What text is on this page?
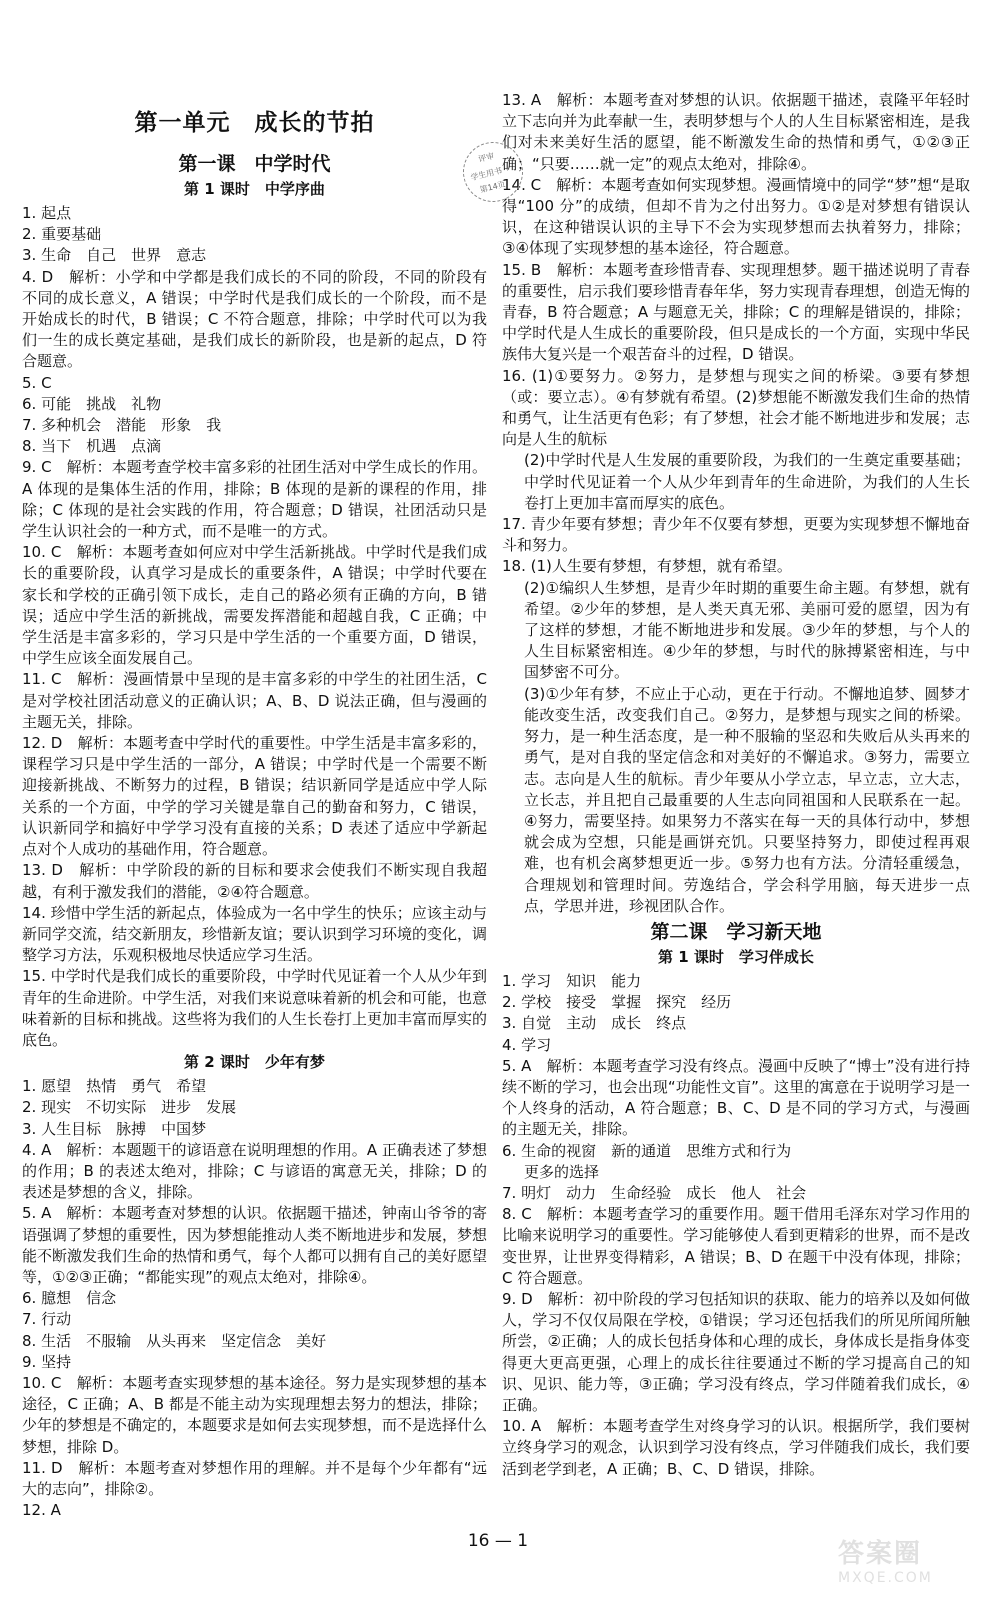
第一单元　成长的节拍
第一课　中学时代
第 1 课时　中学序曲
1. 起点
2. 重要基础
3. 生命　自己　世界　意志
4. D　解析：小学和中学都是我们成长的不同的阶段，不同的阶段有不同的成长意义，A 错误；中学时代是我们成长的一个阶段，而不是开始成长的时代，B 错误；C 不符合题意，排除；中学时代可以为我们一生的成长奠定基础，是我们成长的新阶段，也是新的起点，D 符合题意。
5. C
6. 可能　挑战　礼物
7. 多种机会　潜能　形象　我
8. 当下　机遇　点滴
9. C　解析：本题考查学校丰富多彩的社团生活对中学生成长的作用。A 体现的是集体生活的作用，排除；B 体现的是新的课程的作用，排除；C 体现的是社会实践的作用，符合题意；D 错误，社团活动只是学生认识社会的一种方式，而不是唯一的方式。
10. C　解析：本题考查如何应对中学生活新挑战。中学时代是我们成长的重要阶段，认真学习是成长的重要条件，A 错误；中学时代要在家长和学校的正确引领下成长，走自己的路必须有正确的方向，B 错误；适应中学生活的新挑战，需要发挥潜能和超越自我，C 正确；中学生活是丰富多彩的，学习只是中学生活的一个重要方面，D 错误，中学生应该全面发展自己。
11. C　解析：漫画情景中呈现的是丰富多彩的中学生的社团生活，C 是对学校社团活动意义的正确认识；A、B、D 说法正确，但与漫画的主题无关，排除。
12. D　解析：本题考查中学时代的重要性。中学生活是丰富多彩的，课程学习只是中学生活的一部分，A 错误；中学时代是一个需要不断迎接新挑战、不断努力的过程，B 错误；结识新同学是适应中学人际关系的一个方面，中学的学习关键是靠自己的勤奋和努力，C 错误，认识新同学和搞好中学学习没有直接的关系；D 表述了适应中学新起点对个人成功的基础作用，符合题意。
13. D　解析：中学阶段的新的目标和要求会使我们不断实现自我超越，有利于激发我们的潜能，②④符合题意。
14. 珍惜中学生活的新起点，体验成为一名中学生的快乐；应该主动与新同学交流，结交新朋友，珍惜新友谊；要认识到学习环境的变化，调整学习方法，乐观积极地尽快适应学习生活。
15. 中学时代是我们成长的重要阶段，中学时代见证着一个人从少年到青年的生命进阶。中学生活，对我们来说意味着新的机会和可能，也意味着新的目标和挑战。这些将为我们的人生长卷打上更加丰富而厚实的底色。
第 2 课时　少年有梦
1. 愿望　热情　勇气　希望
2. 现实　不切实际　进步　发展
3. 人生目标　脉搏　中国梦
4. A　解析：本题题干的谚语意在说明理想的作用。A 正确表述了梦想的作用；B 的表述太绝对，排除；C 与谚语的寓意无关，排除；D 的表述是梦想的含义，排除。
5. A　解析：本题考查对梦想的认识。依据题干描述，钟南山爷爷的寄语强调了梦想的重要性，因为梦想能推动人类不断地进步和发展，梦想能不断激发我们生命的热情和勇气，每个人都可以拥有自己的美好愿望等，①②③正确；“都能实现”的观点太绝对，排除④。
6. 臆想　信念
7. 行动
8. 生活　不服输　从头再来　坚定信念　美好
9. 坚持
10. C　解析：本题考查实现梦想的基本途径。努力是实现梦想的基本途径，C 正确；A、B 都是不能主动为实现理想去努力的想法，排除；少年的梦想是不确定的，本题要求是如何去实现梦想，而不是选择什么梦想，排除 D。
11. D　解析：本题考查对梦想作用的理解。并不是每个少年都有“远大的志向”，排除②。
12. A
13. A　解析：本题考查对梦想的认识。依据题干描述，袁隆平年轻时立下志向并为此奉献一生，表明梦想与个人的人生目标紧密相连，是我们对未来美好生活的愿望，能不断激发生命的热情和勇气，①②③正确；“只要……就一定”的观点太绝对，排除④。
14. C　解析：本题考查如何实现梦想。漫画情境中的同学“梦”想“是取得“100 分”的成绩，但却不肯为之付出努力。①②是对梦想有错误认识，在这种错误认识的主导下不会为实现梦想而去执着努力，排除；③④体现了实现梦想的基本途径，符合题意。
15. B　解析：本题考查珍惜青春、实现理想梦。题干描述说明了青春的重要性，启示我们要珍惜青春年华，努力实现青春理想，创造无悔的青春，B 符合题意；A 与题意无关，排除；C 的理解是错误的，排除；中学时代是人生成长的重要阶段，但只是成长的一个方面，实现中华民族伟大复兴是一个艰苦奋斗的过程，D 错误。
16. (1)①要努力。②努力，是梦想与现实之间的桥梁。③要有梦想（或：要立志）。④有梦就有希望。(2)梦想能不断激发我们生命的热情和勇气，让生活更有色彩；有了梦想，社会才能不断地进步和发展；志向是人生的航标
(2)中学时代是人生发展的重要阶段，为我们的一生奠定重要基础；中学时代见证着一个人从少年到青年的生命进阶，为我们的人生长卷打上更加丰富而厚实的底色。
17. 青少年要有梦想；青少年不仅要有梦想，更要为实现梦想不懈地奋斗和努力。
18. (1)人生要有梦想，有梦想，就有希望。
(2)①编织人生梦想，是青少年时期的重要生命主题。有梦想，就有希望。②少年的梦想，是人类天真无邪、美丽可爱的愿望，因为有了这样的梦想，才能不断地进步和发展。③少年的梦想，与个人的人生目标紧密相连。④少年的梦想，与时代的脉搏紧密相连，与中国梦密不可分。
(3)①少年有梦，不应止于心动，更在于行动。不懈地追梦、圆梦才能改变生活，改变我们自己。②努力，是梦想与现实之间的桥梁。努力，是一种生活态度，是一种不服输的坚忍和失败后从头再来的勇气，是对自我的坚定信念和对美好的不懈追求。③努力，需要立志。志向是人生的航标。青少年要从小学立志，早立志，立大志，立长志，并且把自己最重要的人生志向同祖国和人民联系在一起。④努力，需要坚持。如果努力不落实在每一天的具体行动中，梦想就会成为空想，只能是画饼充饥。只要坚持努力，即使过程再艰难，也有机会离梦想更近一步。⑤努力也有方法。分清轻重缓急，合理规划和管理时间。劳逸结合，学会科学用脑，每天进步一点点，学思并进，珍视团队合作。
第二课　学习新天地
第 1 课时　学习伴成长
1. 学习　知识　能力
2. 学校　接受　掌握　探究　经历
3. 自觉　主动　成长　终点
4. 学习
5. A　解析：本题考查学习没有终点。漫画中反映了“博士”没有进行持续不断的学习，也会出现“功能性文盲”。这里的寓意在于说明学习是一个人终身的活动，A 符合题意；B、C、D 是不同的学习方式，与漫画的主题无关，排除。
6. 生命的视窗　新的通道　思维方式和行为
更多的选择
7. 明灯　动力　生命经验　成长　他人　社会
8. C　解析：本题考查学习的重要作用。题干借用毛泽东对学习作用的比喻来说明学习的重要性。学习能够使人看到更精彩的世界，而不是改变世界，让世界变得精彩，A 错误；B、D 在题干中没有体现，排除；C 符合题意。
9. D　解析：初中阶段的学习包括知识的获取、能力的培养以及如何做人，学习不仅仅局限在学校，①错误；学习还包括我们的所见所闻所触所尝，②正确；人的成长包括身体和心理的成长，身体成长是指身体变得更大更高更强，心理上的成长往往要通过不断的学习提高自己的知识、见识、能力等，③正确；学习没有终点，学习伴随着我们成长，④正确。
10. A　解析：本题考查学生对终身学习的认识。根据所学，我们要树立终身学习的观念，认识到学习没有终点，学习伴随我们成长，我们要活到老学到老，A 正确；B、C、D 错误，排除。
评审
学生用书
第14页
16 — 1	答案圈
MXQE.COM
